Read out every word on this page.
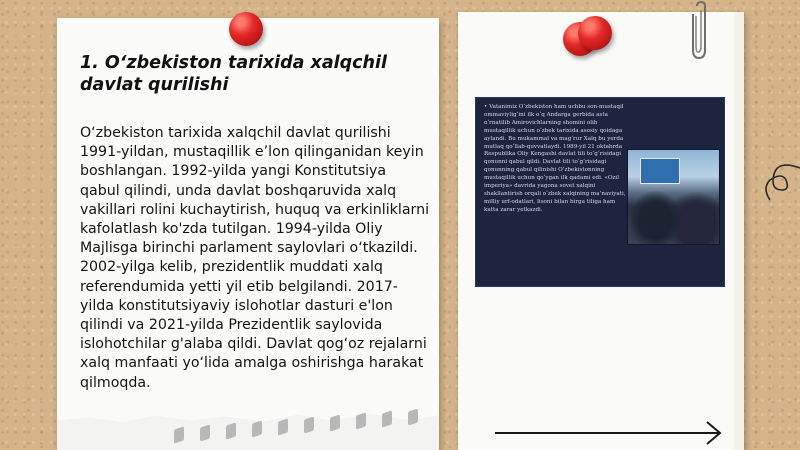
1. O‘zbekiston tarixida xalqchil davlat qurilishi
O‘zbekiston tarixida xalqchil davlat qurilishi 1991-yildan, mustaqillik e’lon qilinganidan keyin boshlangan. 1992-yilda yangi Konstitutsiya qabul qilindi, unda davlat boshqaruvida xalq vakillari rolini kuchaytirish, huquq va erkinliklarni kafolatlash ko'zda tutilgan. 1994-yilda Oliy Majlisga birinchi parlament saylovlari o‘tkazildi. 2002-yilga kelib, prezidentlik muddati xalq referendumida yetti yil etib belgilandi. 2017-yilda konstitutsiyaviy islohotlar dasturi e'lon qilindi va 2021-yilda Prezidentlik saylovida islohotchilar g'alaba qildi. Davlat qog‘oz rejalarni xalq manfaati yo‘lida amalga oshirishga harakat qilmoqda.
• Vatanimiz O‘zbekiston ham uchbu son-mustaqil ommaviylig‘ini ilk o‘q Andarga gerbida asta o‘rnatilib Amirovichlarning shomini olib mustaqillik uchun o‘zbek tarixida asosiy qoidaga aylandi. Bu mukammal va mag‘rur Xalq bu yerda mutlaq qo‘llab-quvvatlaydi. 1989-yil 21 oktabrda Respublika Oliy Kengashi davlat tili to‘g‘risidagi qonunni qabul qildi. Davlat tili to‘g‘risidagi qonunning qabul qilinishi O‘zbekistonning mustaqillik uchun qo‘ygan ilk qadami edi. «Ozil imperiya» davrida yagona sovet xalqini shakllantirish orqali o‘zbek xalqining ma’naviyati, milliy urf-odatlari, lisoni bilan birga tiliga ham katta zarar yetkazdi.
